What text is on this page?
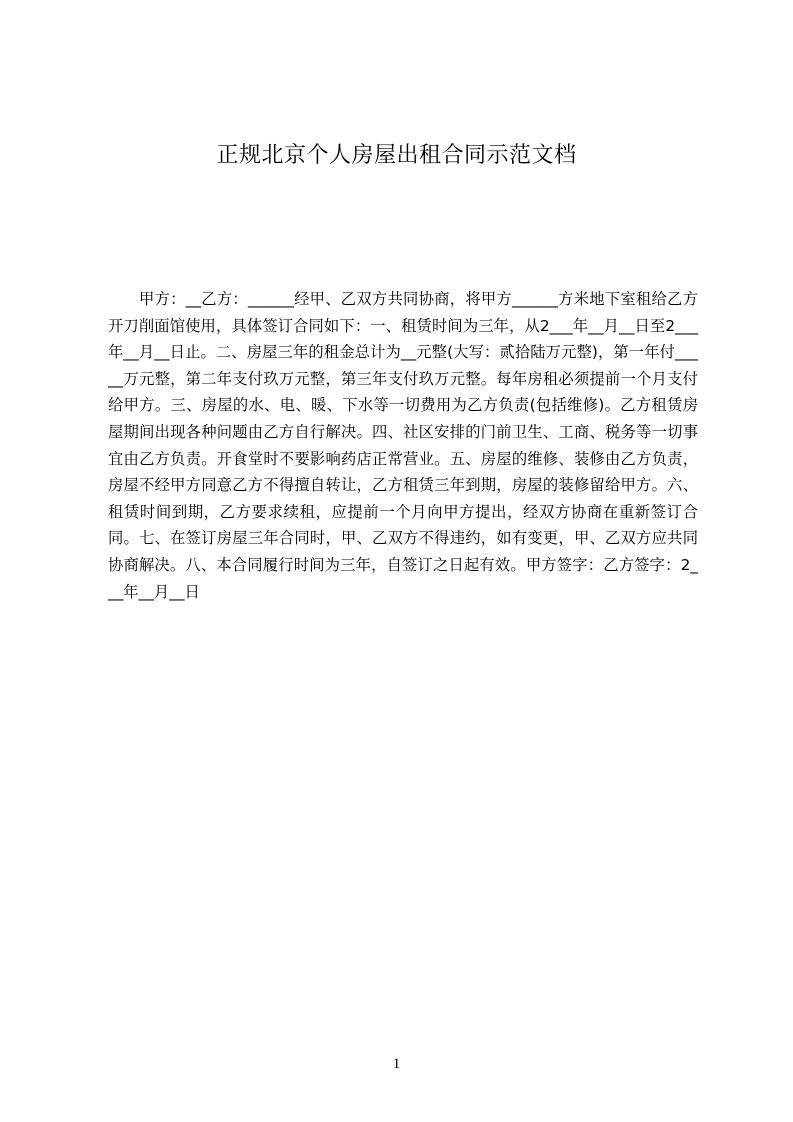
正规北京个人房屋出租合同示范文档

甲方：__乙方：______经甲、乙双方共同协商，将甲方______方米地下室租给乙方开刀削面馆使用，具体签订合同如下：一、租赁时间为三年，从2___年__月__日至2___年__月__日止。二、房屋三年的租金总计为__元整(大写：贰拾陆万元整)，第一年付_____万元整，第二年支付玖万元整，第三年支付玖万元整。每年房租必须提前一个月支付给甲方。三、房屋的水、电、暖、下水等一切费用为乙方负责(包括维修)。乙方租赁房屋期间出现各种问题由乙方自行解决。四、社区安排的门前卫生、工商、税务等一切事宜由乙方负责。开食堂时不要影响药店正常营业。五、房屋的维修、装修由乙方负责，房屋不经甲方同意乙方不得擅自转让，乙方租赁三年到期，房屋的装修留给甲方。六、租赁时间到期，乙方要求续租，应提前一个月向甲方提出，经双方协商在重新签订合同。七、在签订房屋三年合同时，甲、乙双方不得违约，如有变更，甲、乙双方应共同协商解决。八、本合同履行时间为三年，自签订之日起有效。甲方签字：乙方签字：2___年__月__日

1
